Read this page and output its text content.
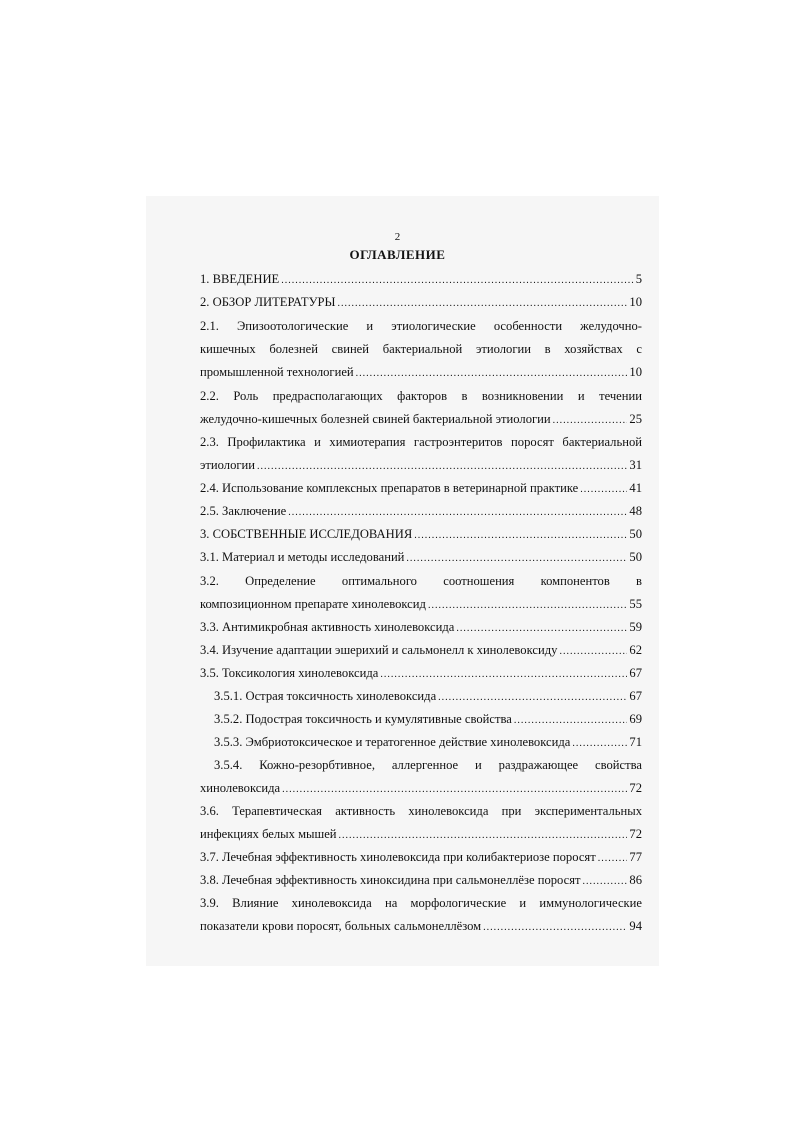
2
ОГЛАВЛЕНИЕ
1. ВВЕДЕНИЕ .....	5
2. ОБЗОР ЛИТЕРАТУРЫ .....	10
2.1. Эпизоотологические и этиологические особенности желудочно-
кишечных болезней свиней бактериальной этиологии в хозяйствах с
промышленной технологией .....	10
2.2. Роль предрасполагающих факторов в возникновении и течении
желудочно-кишечных болезней свиней бактериальной этиологии .....	25
2.3. Профилактика и химиотерапия гастроэнтеритов поросят бактериальной
этиологии .....	31
2.4. Использование комплексных препаратов в ветеринарной практике .....	41
2.5. Заключение .....	48
3. СОБСТВЕННЫЕ ИССЛЕДОВАНИЯ .....	50
3.1. Материал и методы исследований .....	50
3.2. Определение оптимального соотношения компонентов в
композиционном препарате хинолевоксид .....	55
3.3. Антимикробная активность хинолевоксида .....	59
3.4. Изучение адаптации эшерихий и сальмонелл к хинолевоксиду .....	62
3.5. Токсикология хинолевоксида .....	67
3.5.1. Острая токсичность хинолевоксида .....	67
3.5.2. Подострая токсичность и кумулятивные свойства .....	69
3.5.3. Эмбриотоксическое и тератогенное действие хинолевоксида .....	71
3.5.4. Кожно-резорбтивное, аллергенное и раздражающее свойства
хинолевоксида .....	72
3.6. Терапевтическая активность хинолевоксида при экспериментальных
инфекциях белых мышей .....	72
3.7. Лечебная эффективность хинолевоксида при колибактериозе поросят .....	77
3.8. Лечебная эффективность хиноксидина при сальмонеллёзе поросят .....	86
3.9. Влияние хинолевоксида на морфологические и иммунологические
показатели крови поросят, больных сальмонеллёзом .....	94
